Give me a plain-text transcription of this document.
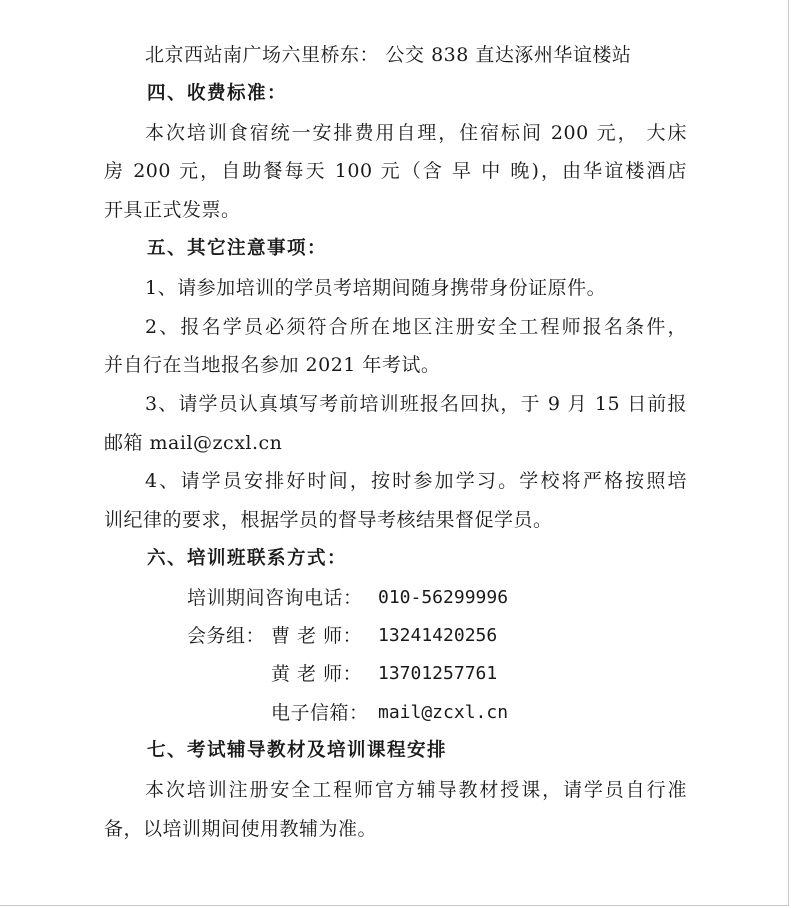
北京西站南广场六里桥东： 公交 838 直达涿州华谊楼站
四、收费标准：
本次培训食宿统一安排费用自理，住宿标间 200 元， 大床
房 200 元，自助餐每天 100 元（含 早 中 晚)，由华谊楼酒店
开具正式发票。
五、其它注意事项：
1、请参加培训的学员考培期间随身携带身份证原件。
2、报名学员必须符合所在地区注册安全工程师报名条件，
并自行在当地报名参加 2021 年考试。
3、请学员认真填写考前培训班报名回执，于 9 月 15 日前报
邮箱 mail@zcxl.cn
4、请学员安排好时间，按时参加学习。学校将严格按照培
训纪律的要求，根据学员的督导考核结果督促学员。
六、培训班联系方式：
培训期间咨询电话： 010-56299996
会务组： 曹 老 师： 13241420256
黄 老 师： 13701257761
电子信箱： mail@zcxl.cn
七、考试辅导教材及培训课程安排
本次培训注册安全工程师官方辅导教材授课，请学员自行准
备，以培训期间使用教辅为准。
